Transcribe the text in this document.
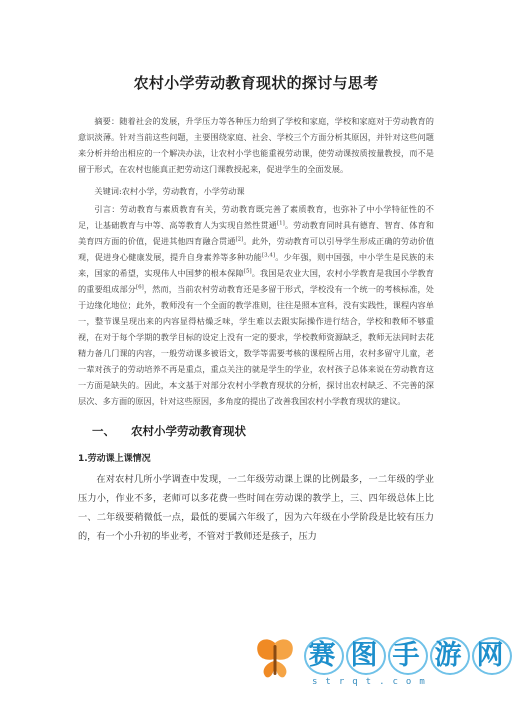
农村小学劳动教育现状的探讨与思考

摘要：随着社会的发展，升学压力等各种压力给到了学校和家庭，学校和家庭对于劳动教育的意识淡薄。针对当前这些问题，主要围绕家庭、社会、学校三个方面分析其原因，并针对这些问题来分析并给出相应的一个解决办法，让农村小学也能重视劳动课，使劳动课按质按量教授，而不是留于形式，在农村也能真正把劳动这门课教授起来，促进学生的全面发展。

关键词:农村小学，劳动教育，小学劳动课

引言：劳动教育与素质教育有关，劳动教育既完善了素质教育，也弥补了中小学特征性的不足，让基础教育与中等、高等教育人为实现自然性贯通[1]。劳动教育同时具有德育、智育、体育和美育四方面的价值，促进其他四育融合贯通[2]。此外，劳动教育可以引导学生形成正确的劳动价值观，促进身心健康发展，提升自身素养等多种功能[3,4]。少年强，则中国强，中小学生是民族的未来，国家的希望，实现伟人中国梦的根本保障[5]。我国是农业大国，农村小学教育是我国小学教育的重要组成部分[6]，然而，当前农村劳动教育还是多留于形式，学校没有一个统一的考核标准，处于边缘化地位；此外，教师没有一个全面的教学准则，往往是照本宣科，没有实践性，课程内容单一，整节课呈现出来的内容显得枯燥乏味，学生难以去跟实际操作进行结合，学校和教师不够重视，在对于每个学期的教学目标的设定上没有一定的要求，学校教师资源缺乏，教师无法同时去花精力备几门课的内容，一般劳动课多被语文，数学等需要考核的课程所占用，农村多留守儿童，老一辈对孩子的劳动培养不再是重点，重点关注的就是学生的学业，农村孩子总体来说在劳动教育这一方面是缺失的。因此，本文基于对部分农村小学教育现状的分析，探讨出农村缺乏、不完善的深层次、多方面的原因，针对这些原因，多角度的提出了改善我国农村小学教育现状的建议。

一、 农村小学劳动教育现状
1.劳动课上课情况

在对农村几所小学调查中发现，一二年级劳动课上课的比例最多，一二年级的学业压力小，作业不多，老师可以多花费一些时间在劳动课的教学上，三、四年级总体上比一、二年级要稍微低一点，最低的要属六年级了，因为六年级在小学阶段是比较有压力的，有一个小升初的毕业考，不管对于教师还是孩子，压力

赛 图 手 游 网
strqt.com
